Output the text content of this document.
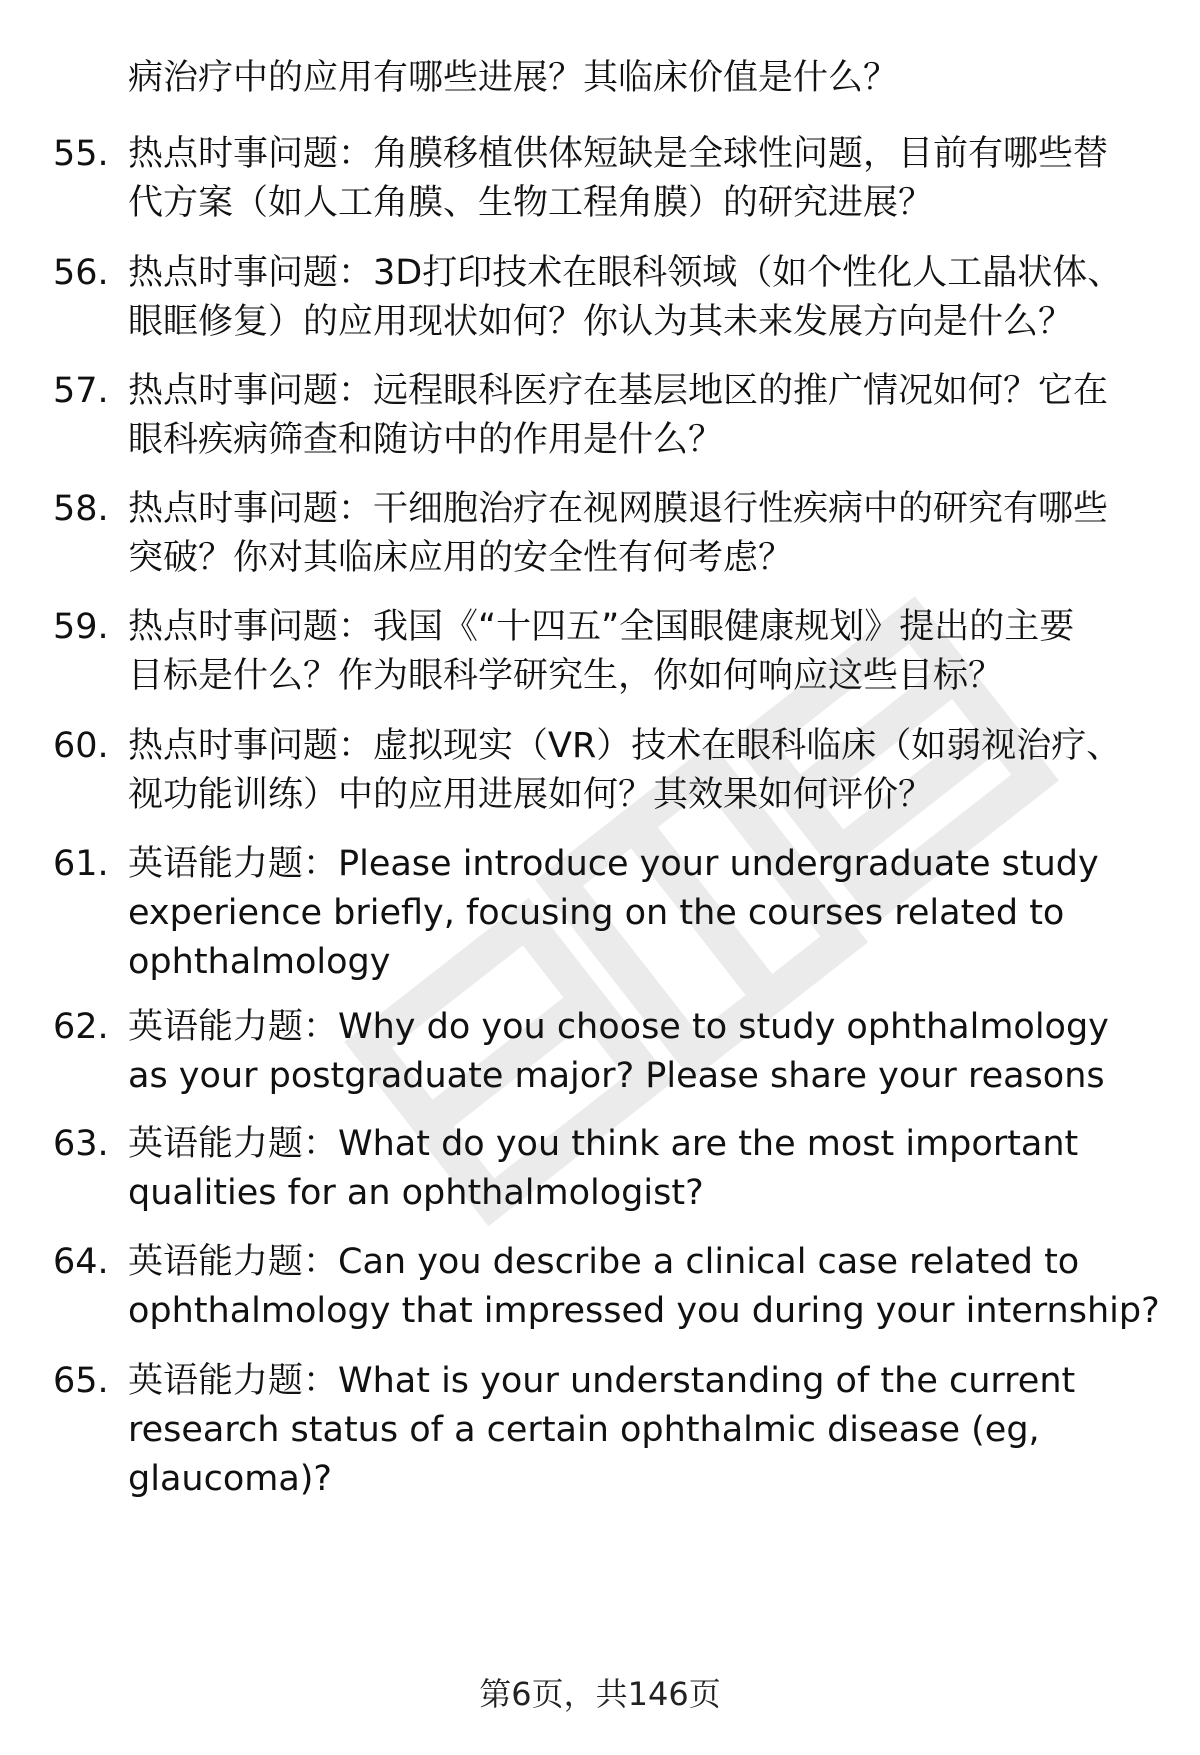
病治疗中的应用有哪些进展？其临床价值是什么？
55. 热点时事问题：角膜移植供体短缺是全球性问题，目前有哪些替
代方案（如人工角膜、生物工程角膜）的研究进展？
56. 热点时事问题：3D打印技术在眼科领域（如个性化人工晶状体、
眼眶修复）的应用现状如何？你认为其未来发展方向是什么？
57. 热点时事问题：远程眼科医疗在基层地区的推广情况如何？它在
眼科疾病筛查和随访中的作用是什么？
58. 热点时事问题：干细胞治疗在视网膜退行性疾病中的研究有哪些
突破？你对其临床应用的安全性有何考虑？
59. 热点时事问题：我国《“十四五”全国眼健康规划》提出的主要
目标是什么？作为眼科学研究生，你如何响应这些目标？
60. 热点时事问题：虚拟现实（VR）技术在眼科临床（如弱视治疗、
视功能训练）中的应用进展如何？其效果如何评价？
61. 英语能力题：Please introduce your undergraduate study
experience briefly, focusing on the courses related to
ophthalmology
62. 英语能力题：Why do you choose to study ophthalmology
as your postgraduate major? Please share your reasons
63. 英语能力题：What do you think are the most important
qualities for an ophthalmologist?
64. 英语能力题：Can you describe a clinical case related to
ophthalmology that impressed you during your internship?
65. 英语能力题：What is your understanding of the current
research status of a certain ophthalmic disease (eg,
glaucoma)?
第6页，共146页
